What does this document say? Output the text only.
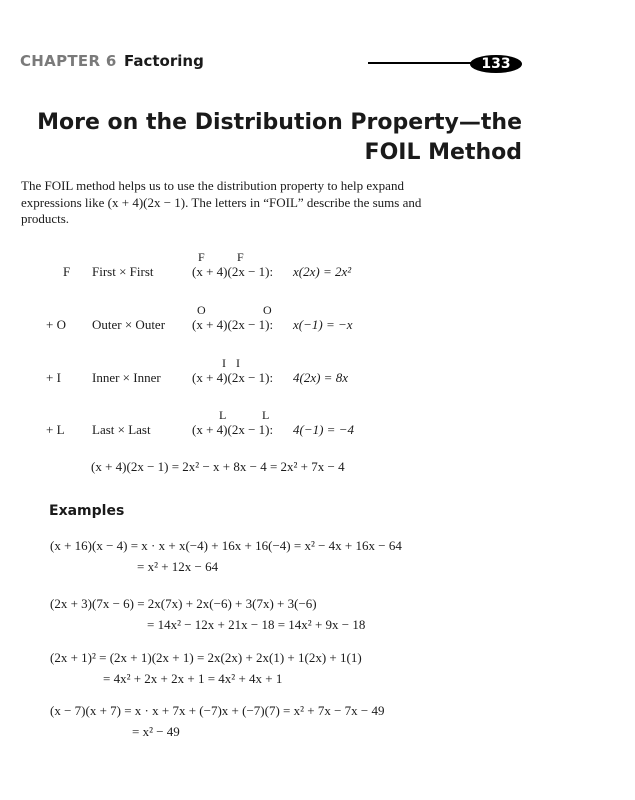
CHAPTER 6 Factoring	133
More on the Distribution Property—the FOIL Method
The FOIL method helps us to use the distribution property to help expand expressions like (x + 4)(2x − 1). The letters in “FOIL” describe the sums and products.
F	F
F First × First	(x + 4)(2x − 1): x(2x) = 2x²
O	O
+ O Outer × Outer (x + 4)(2x − 1): x(−1) = −x
I I
+ I Inner × Inner (x + 4)(2x − 1): 4(2x) = 8x
L	L
+ L Last × Last	(x + 4)(2x − 1): 4(−1) = −4
(x + 4)(2x − 1) = 2x² − x + 8x − 4 = 2x² + 7x − 4
Examples
(x + 16)(x − 4) = x · x + x(−4) + 16x + 16(−4) = x² − 4x + 16x − 64
= x² + 12x − 64
(2x + 3)(7x − 6) = 2x(7x) + 2x(−6) + 3(7x) + 3(−6)
= 14x² − 12x + 21x − 18 = 14x² + 9x − 18
(2x + 1)² = (2x + 1)(2x + 1) = 2x(2x) + 2x(1) + 1(2x) + 1(1)
= 4x² + 2x + 2x + 1 = 4x² + 4x + 1
(x − 7)(x + 7) = x · x + 7x + (−7)x + (−7)(7) = x² + 7x − 7x − 49
= x² − 49
